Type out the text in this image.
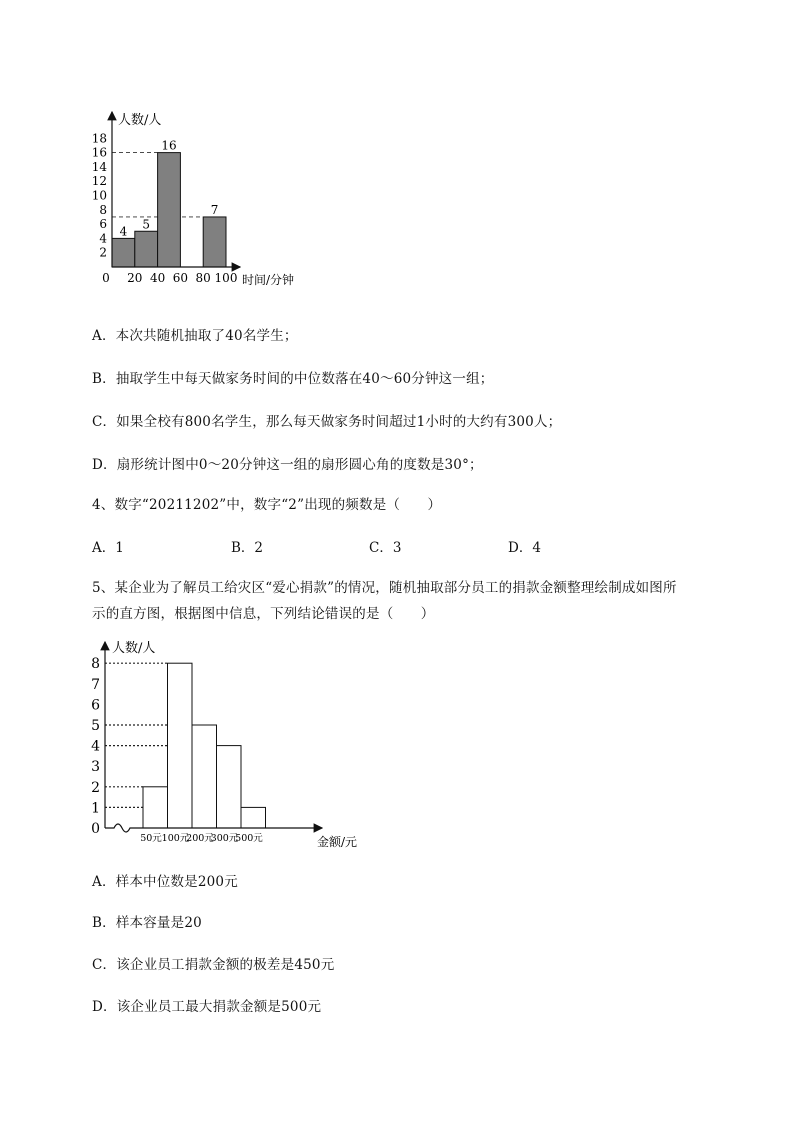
人数/人
时间/分钟
2
4
6
8
10
12
14
16
18
0 20 40 60 80 100
4
5
16
7
A．本次共随机抽取了40名学生；
B．抽取学生中每天做家务时间的中位数落在40～60分钟这一组；
C．如果全校有800名学生，那么每天做家务时间超过1小时的大约有300人；
D．扇形统计图中0～20分钟这一组的扇形圆心角的度数是30°；
4、数字“20211202”中，数字“2”出现的频数是（　　）
A．1	B．2	C．3	D．4
5、某企业为了解员工给灾区“爱心捐款”的情况，随机抽取部分员工的捐款金额整理绘制成如图所
示的直方图，根据图中信息，下列结论错误的是（　　）
人数/人
金额/元
0
1
2
3
4
5
6
7
8
50元 100元
200元
300元
500元
A．样本中位数是200元
B．样本容量是20
C．该企业员工捐款金额的极差是450元
D．该企业员工最大捐款金额是500元
